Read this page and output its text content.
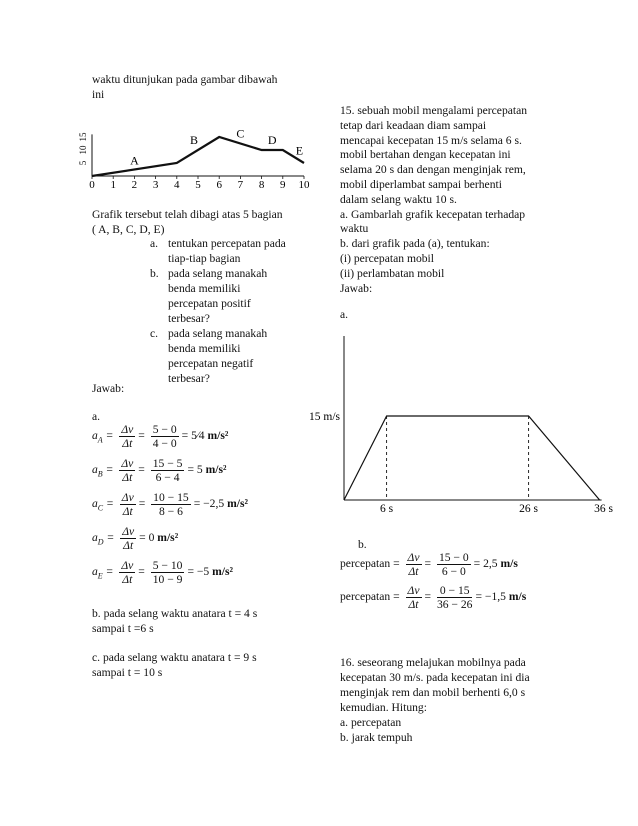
waktu ditunjukan pada gambar dibawah
ini
0 1 2 3 4 5 6 7 8 9 10
5
10
15
A
B	C D
E
Grafik tersebut telah dibagi atas 5 bagian
( A, B, C, D, E)
a. tentukan percepatan pada
tiap-tiap bagian
b. pada selang manakah
benda memiliki
percepatan positif
terbesar?
c. pada selang manakah
benda memiliki
percepatan negatif
terbesar?
Jawab:
a.
$a_A = \frac{\Delta v}{\Delta t} = \frac{5 - 0}{4 - 0}$ = 5⁄4 m/s²
$a_B = \frac{\Delta v}{\Delta t} = \frac{15 - 5}{6 - 4} = 5$ m/s²
$a_C = \frac{\Delta v}{\Delta t} = \frac{10 - 15}{8 - 6} = -2,5$ m/s²
$a_D = \frac{\Delta v}{\Delta t} = 0$ m/s²
$a_E = \frac{\Delta v}{\Delta t} = \frac{5 - 10}{10 - 9} = -5$ m/s²
b. pada selang waktu anatara t = 4 s
sampai t =6 s
c. pada selang waktu anatara t = 9 s
sampai t = 10 s
15. sebuah mobil mengalami percepatan
tetap dari keadaan diam sampai
mencapai kecepatan 15 m/s selama 6 s.
mobil bertahan dengan kecepatan ini
selama 20 s dan dengan menginjak rem,
mobil diperlambat sampai berhenti
dalam selang waktu 10 s.
a. Gambarlah grafik kecepatan terhadap
waktu
b. dari grafik pada (a), tentukan:
(i) percepatan mobil
(ii) perlambatan mobil
Jawab:
a.
15 m/s
6 s	26 s	36 s
b.
percepatan = $\frac{\Delta v}{\Delta t} = \frac{15 - 0}{6 - 0} = 2,5$ m/s
percepatan = $\frac{\Delta v}{\Delta t} = \frac{0 - 15}{36 - 26} = -1,5$ m/s
16. seseorang melajukan mobilnya pada
kecepatan 30 m/s. pada kecepatan ini dia
menginjak rem dan mobil berhenti 6,0 s
kemudian. Hitung:
a. percepatan
b. jarak tempuh
